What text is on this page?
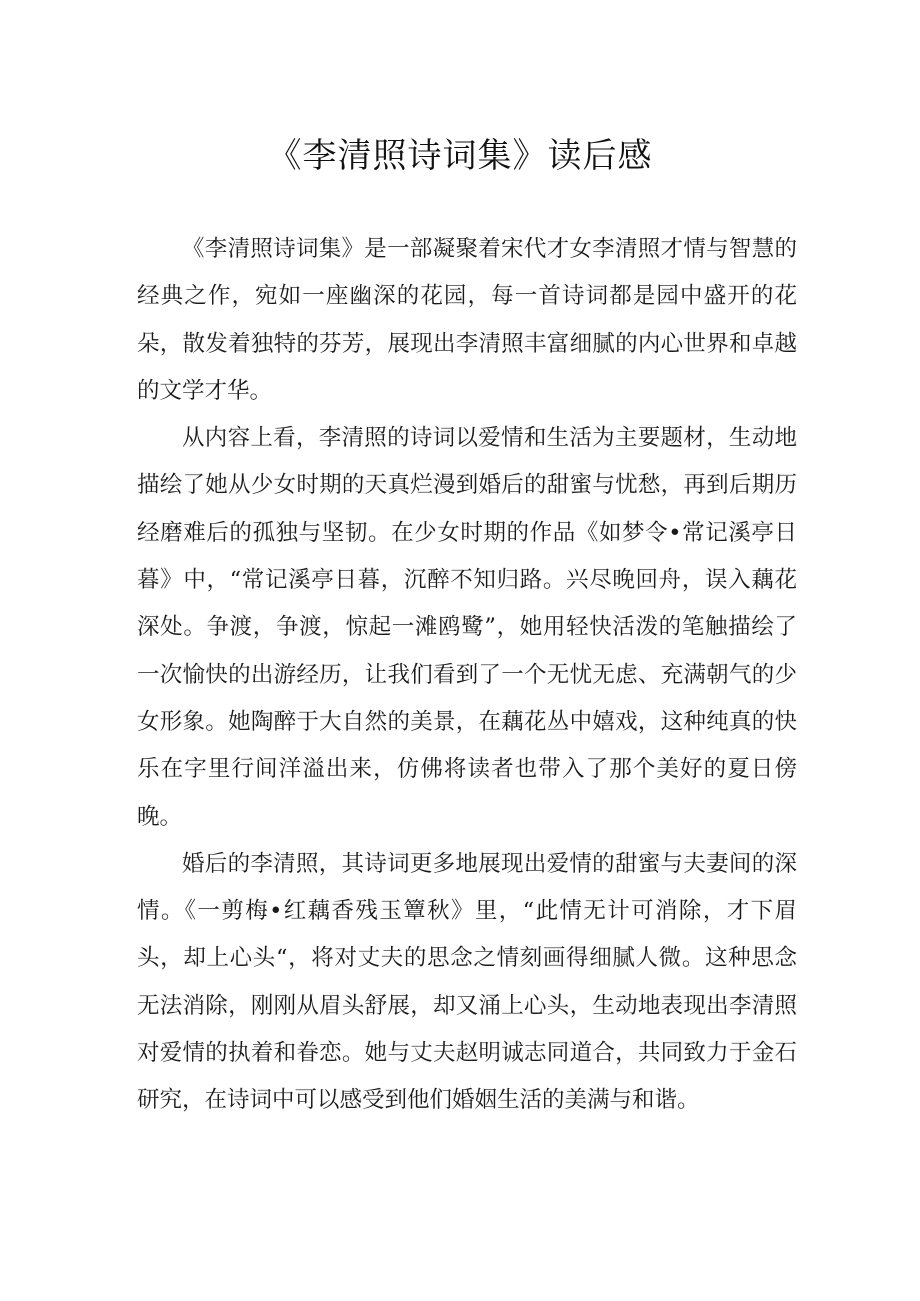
《李清照诗词集》读后感

《李清照诗词集》是一部凝聚着宋代才女李清照才情与智慧的经典之作，宛如一座幽深的花园，每一首诗词都是园中盛开的花朵，散发着独特的芬芳，展现出李清照丰富细腻的内心世界和卓越的文学才华。

从内容上看，李清照的诗词以爱情和生活为主要题材，生动地描绘了她从少女时期的天真烂漫到婚后的甜蜜与忧愁，再到后期历经磨难后的孤独与坚韧。在少女时期的作品《如梦令•常记溪亭日暮》中，“常记溪亭日暮，沉醉不知归路。兴尽晚回舟，误入藕花深处。争渡，争渡，惊起一滩鸥鹭”，她用轻快活泼的笔触描绘了一次愉快的出游经历，让我们看到了一个无忧无虑、充满朝气的少女形象。她陶醉于大自然的美景，在藕花丛中嬉戏，这种纯真的快乐在字里行间洋溢出来，仿佛将读者也带入了那个美好的夏日傍晚。

婚后的李清照，其诗词更多地展现出爱情的甜蜜与夫妻间的深情。《一剪梅•红藕香残玉簟秋》里，“此情无计可消除，才下眉头，却上心头“，将对丈夫的思念之情刻画得细腻人微。这种思念无法消除，刚刚从眉头舒展，却又涌上心头，生动地表现出李清照对爱情的执着和眷恋。她与丈夫赵明诚志同道合，共同致力于金石研究，在诗词中可以感受到他们婚姻生活的美满与和谐。
